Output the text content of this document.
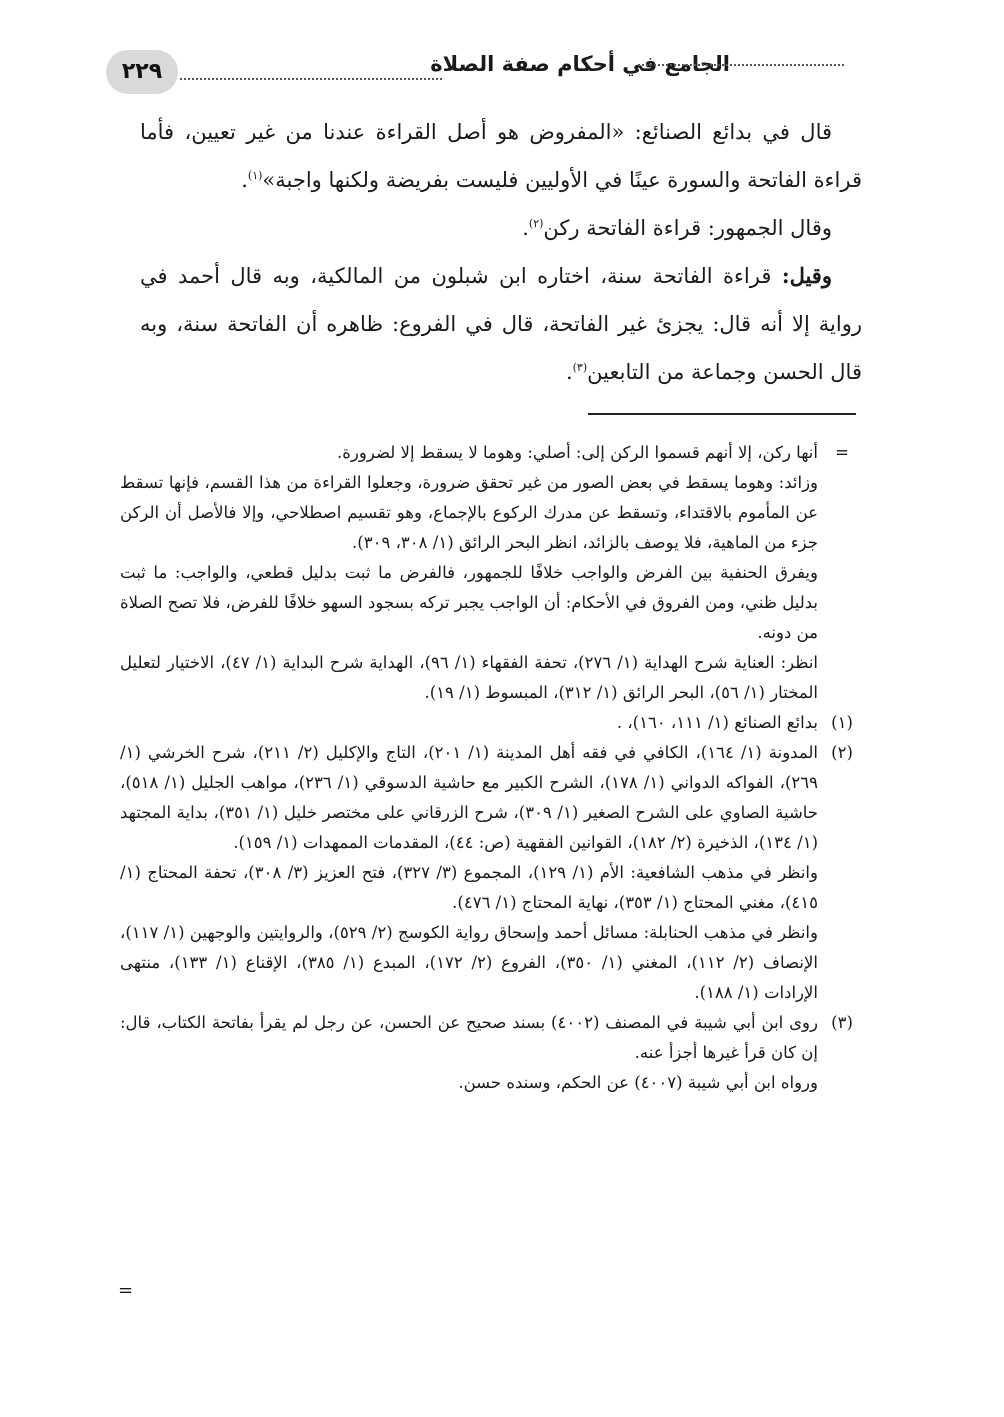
٢٢٩	الجامع في أحكام صفة الصلاة

قال في بدائع الصنائع: «المفروض هو أصل القراءة عندنا من غير تعيين، فأما قراءة الفاتحة والسورة عينًا في الأوليين فليست بفريضة ولكنها واجبة»$^{(١)}$.

وقال الجمهور: قراءة الفاتحة ركن$^{(٢)}$.

وقيل: قراءة الفاتحة سنة، اختاره ابن شبلون من المالكية، وبه قال أحمد في رواية إلا أنه قال: يجزئ غير الفاتحة، قال في الفروع: ظاهره أن الفاتحة سنة، وبه قال الحسن وجماعة من التابعين$^{(٣)}$.

=

أنها ركن، إلا أنهم قسموا الركن إلى: أصلي: وهوما لا يسقط إلا لضرورة.

وزائد: وهوما يسقط في بعض الصور من غير تحقق ضرورة، وجعلوا القراءة من هذا القسم، فإنها تسقط عن المأموم بالاقتداء، وتسقط عن مدرك الركوع بالإجماع، وهو تقسيم اصطلاحي، وإلا فالأصل أن الركن جزء من الماهية، فلا يوصف بالزائد، انظر البحر الرائق (١/ ٣٠٨، ٣٠٩).

ويفرق الحنفية بين الفرض والواجب خلافًا للجمهور، فالفرض ما ثبت بدليل قطعي، والواجب: ما ثبت بدليل ظني، ومن الفروق في الأحكام: أن الواجب يجبر تركه بسجود السهو خلافًا للفرض، فلا تصح الصلاة من دونه.

انظر: العناية شرح الهداية (١/ ٢٧٦)، تحفة الفقهاء (١/ ٩٦)، الهداية شرح البداية (١/ ٤٧)، الاختيار لتعليل المختار (١/ ٥٦)، البحر الرائق (١/ ٣١٢)، المبسوط (١/ ١٩).

(١)

بدائع الصنائع (١/ ١١١، ١٦٠)، .

(٢)

المدونة (١/ ١٦٤)، الكافي في فقه أهل المدينة (١/ ٢٠١)، التاج والإكليل (٢/ ٢١١)، شرح الخرشي (١/ ٢٦٩)، الفواكه الدواني (١/ ١٧٨)، الشرح الكبير مع حاشية الدسوقي (١/ ٢٣٦)، مواهب الجليل (١/ ٥١٨)، حاشية الصاوي على الشرح الصغير (١/ ٣٠٩)، شرح الزرقاني على مختصر خليل (١/ ٣٥١)، بداية المجتهد (١/ ١٣٤)، الذخيرة (٢/ ١٨٢)، القوانين الفقهية (ص: ٤٤)، المقدمات الممهدات (١/ ١٥٩).

وانظر في مذهب الشافعية: الأم (١/ ١٢٩)، المجموع (٣/ ٣٢٧)، فتح العزيز (٣/ ٣٠٨)، تحفة المحتاج (١/ ٤١٥)، مغني المحتاج (١/ ٣٥٣)، نهاية المحتاج (١/ ٤٧٦).

وانظر في مذهب الحنابلة: مسائل أحمد وإسحاق رواية الكوسج (٢/ ٥٢٩)، والروايتين والوجهين (١/ ١١٧)، الإنصاف (٢/ ١١٢)، المغني (١/ ٣٥٠)، الفروع (٢/ ١٧٢)، المبدع (١/ ٣٨٥)، الإقناع (١/ ١٣٣)، منتهى الإرادات (١/ ١٨٨).

(٣)

روى ابن أبي شيبة في المصنف (٤٠٠٢) بسند صحيح عن الحسن، عن رجل لم يقرأ بفاتحة الكتاب، قال: إن كان قرأ غيرها أجزأ عنه.

ورواه ابن أبي شيبة (٤٠٠٧) عن الحكم، وسنده حسن.

=
